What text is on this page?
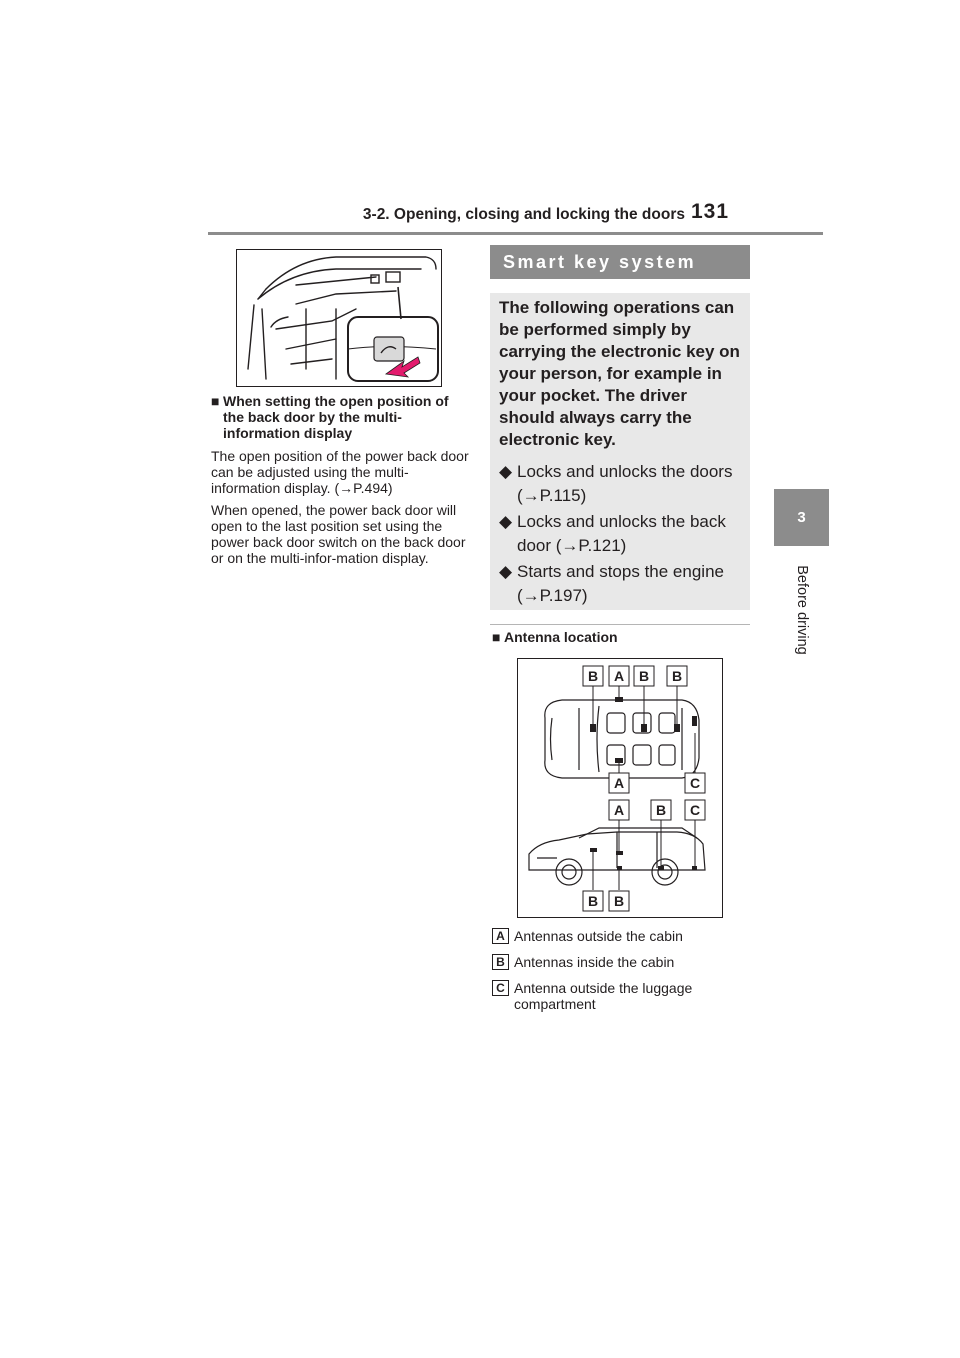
3-2. Opening, closing and locking the doors 131
3
Before driving
■ When setting the open position of the back door by the multi-information display
The open position of the power back door can be adjusted using the multi-information display. (→P.494)
When opened, the power back door will open to the last position set using the power back door switch on the back door or on the multi-infor-mation display.
Smart key system
The following operations can be performed simply by carrying the electronic key on your person, for example in your pocket. The driver should always carry the electronic key.
◆ Locks and unlocks the doors (→P.115)
◆ Locks and unlocks the back door (→P.121)
◆ Starts and stops the engine (→P.197)
■ Antenna location
B A B B
A	C
A B C
B B
A Antennas outside the cabin
B Antennas inside the cabin
C Antenna outside the luggage compartment
